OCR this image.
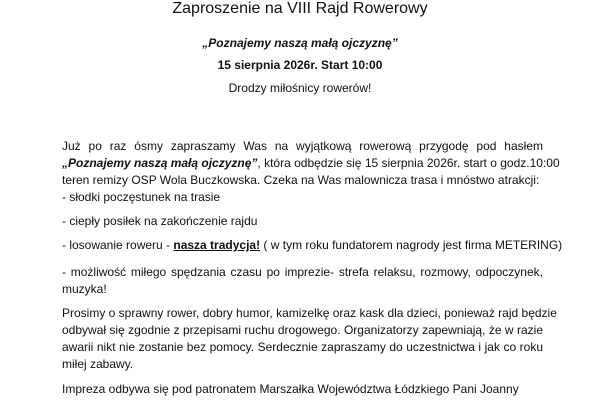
Zaproszenie na VIII Rajd Rowerowy
„Poznajemy naszą małą ojczyznę”
15 sierpnia 2026r. Start 10:00
Drodzy miłośnicy rowerów!
Już po raz ósmy zapraszamy Was na wyjątkową rowerową przygodę pod hasłem
„Poznajemy naszą małą ojczyznę”, która odbędzie się 15 sierpnia 2026r. start o godz.10:00
teren remizy OSP Wola Buczkowska. Czeka na Was malownicza trasa i mnóstwo atrakcji:
- słodki poczęstunek na trasie
- ciepły posiłek na zakończenie rajdu
- losowanie roweru - nasza tradycja! ( w tym roku fundatorem nagrody jest firma METERING)
- możliwość miłego spędzania czasu po imprezie- strefa relaksu, rozmowy, odpoczynek,
muzyka!
Prosimy o sprawny rower, dobry humor, kamizelkę oraz kask dla dzieci, ponieważ rajd będzie
odbywał się zgodnie z przepisami ruchu drogowego. Organizatorzy zapewniają, że w razie
awarii nikt nie zostanie bez pomocy. Serdecznie zapraszamy do uczestnictwa i jak co roku
miłej zabawy.
Impreza odbywa się pod patronatem Marszałka Województwa Łódzkiego Pani Joanny
